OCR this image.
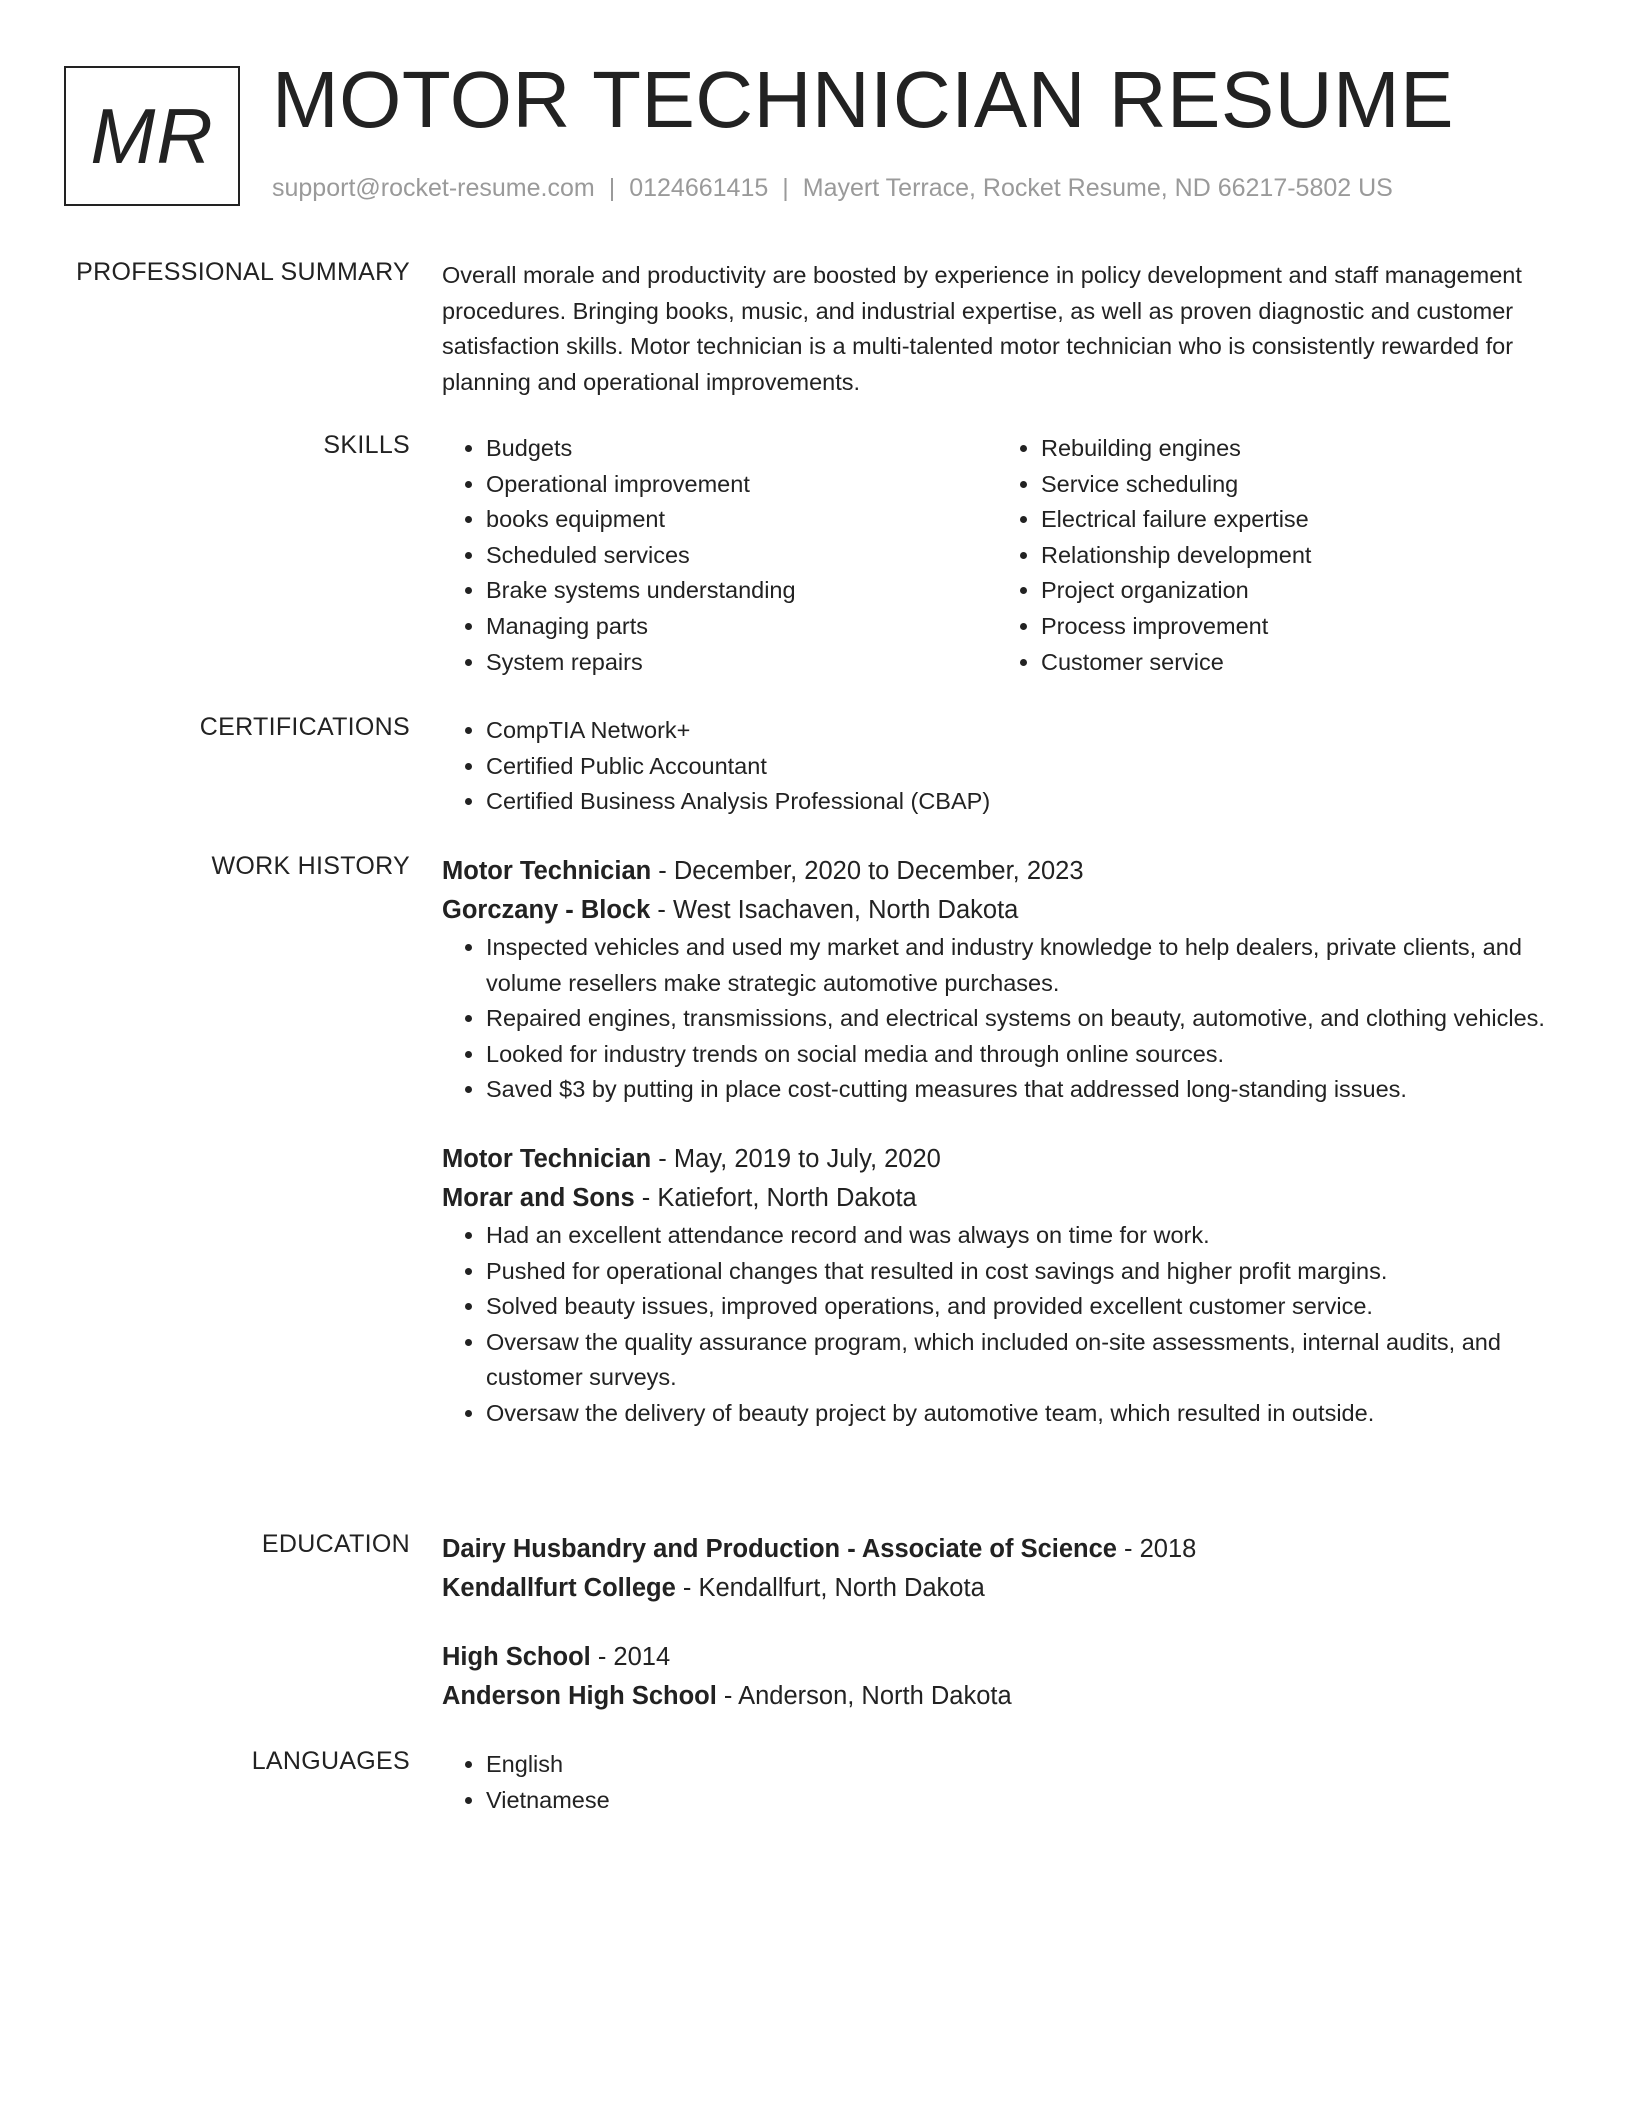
MR MOTOR TECHNICIAN RESUME
support@rocket-resume.com | 0124661415 | Mayert Terrace, Rocket Resume, ND 66217-5802 US
PROFESSIONAL SUMMARY Overall morale and productivity are boosted by experience in policy development and staff management procedures. Bringing books, music, and industrial expertise, as well as proven diagnostic and customer satisfaction skills. Motor technician is a multi-talented motor technician who is consistently rewarded for planning and operational improvements.

SKILLS	• Budgets
• Operational improvement
• books equipment
• Scheduled services
• Brake systems understanding
• Managing parts
• System repairs
• Rebuilding engines
• Service scheduling
• Electrical failure expertise
• Relationship development
• Project organization
• Process improvement
• Customer service
CERTIFICATIONS	• CompTIA Network+
• Certified Public Accountant
• Certified Business Analysis Professional (CBAP)
WORK HISTORY Motor Technician - December, 2020 to December, 2023
Gorczany - Block - West Isachaven, North Dakota
• Inspected vehicles and used my market and industry knowledge to help dealers, private clients, and volume resellers make strategic automotive purchases.
• Repaired engines, transmissions, and electrical systems on beauty, automotive, and clothing vehicles.
• Looked for industry trends on social media and through online sources.
• Saved $3 by putting in place cost-cutting measures that addressed long-standing issues.
Motor Technician - May, 2019 to July, 2020
Morar and Sons - Katiefort, North Dakota
• Had an excellent attendance record and was always on time for work.
• Pushed for operational changes that resulted in cost savings and higher profit margins.
• Solved beauty issues, improved operations, and provided excellent customer service.
• Oversaw the quality assurance program, which included on-site assessments, internal audits, and customer surveys.
• Oversaw the delivery of beauty project by automotive team, which resulted in outside.
EDUCATION Dairy Husbandry and Production - Associate of Science - 2018
Kendallfurt College - Kendallfurt, North Dakota
High School - 2014
Anderson High School - Anderson, North Dakota
LANGUAGES	• English
• Vietnamese
